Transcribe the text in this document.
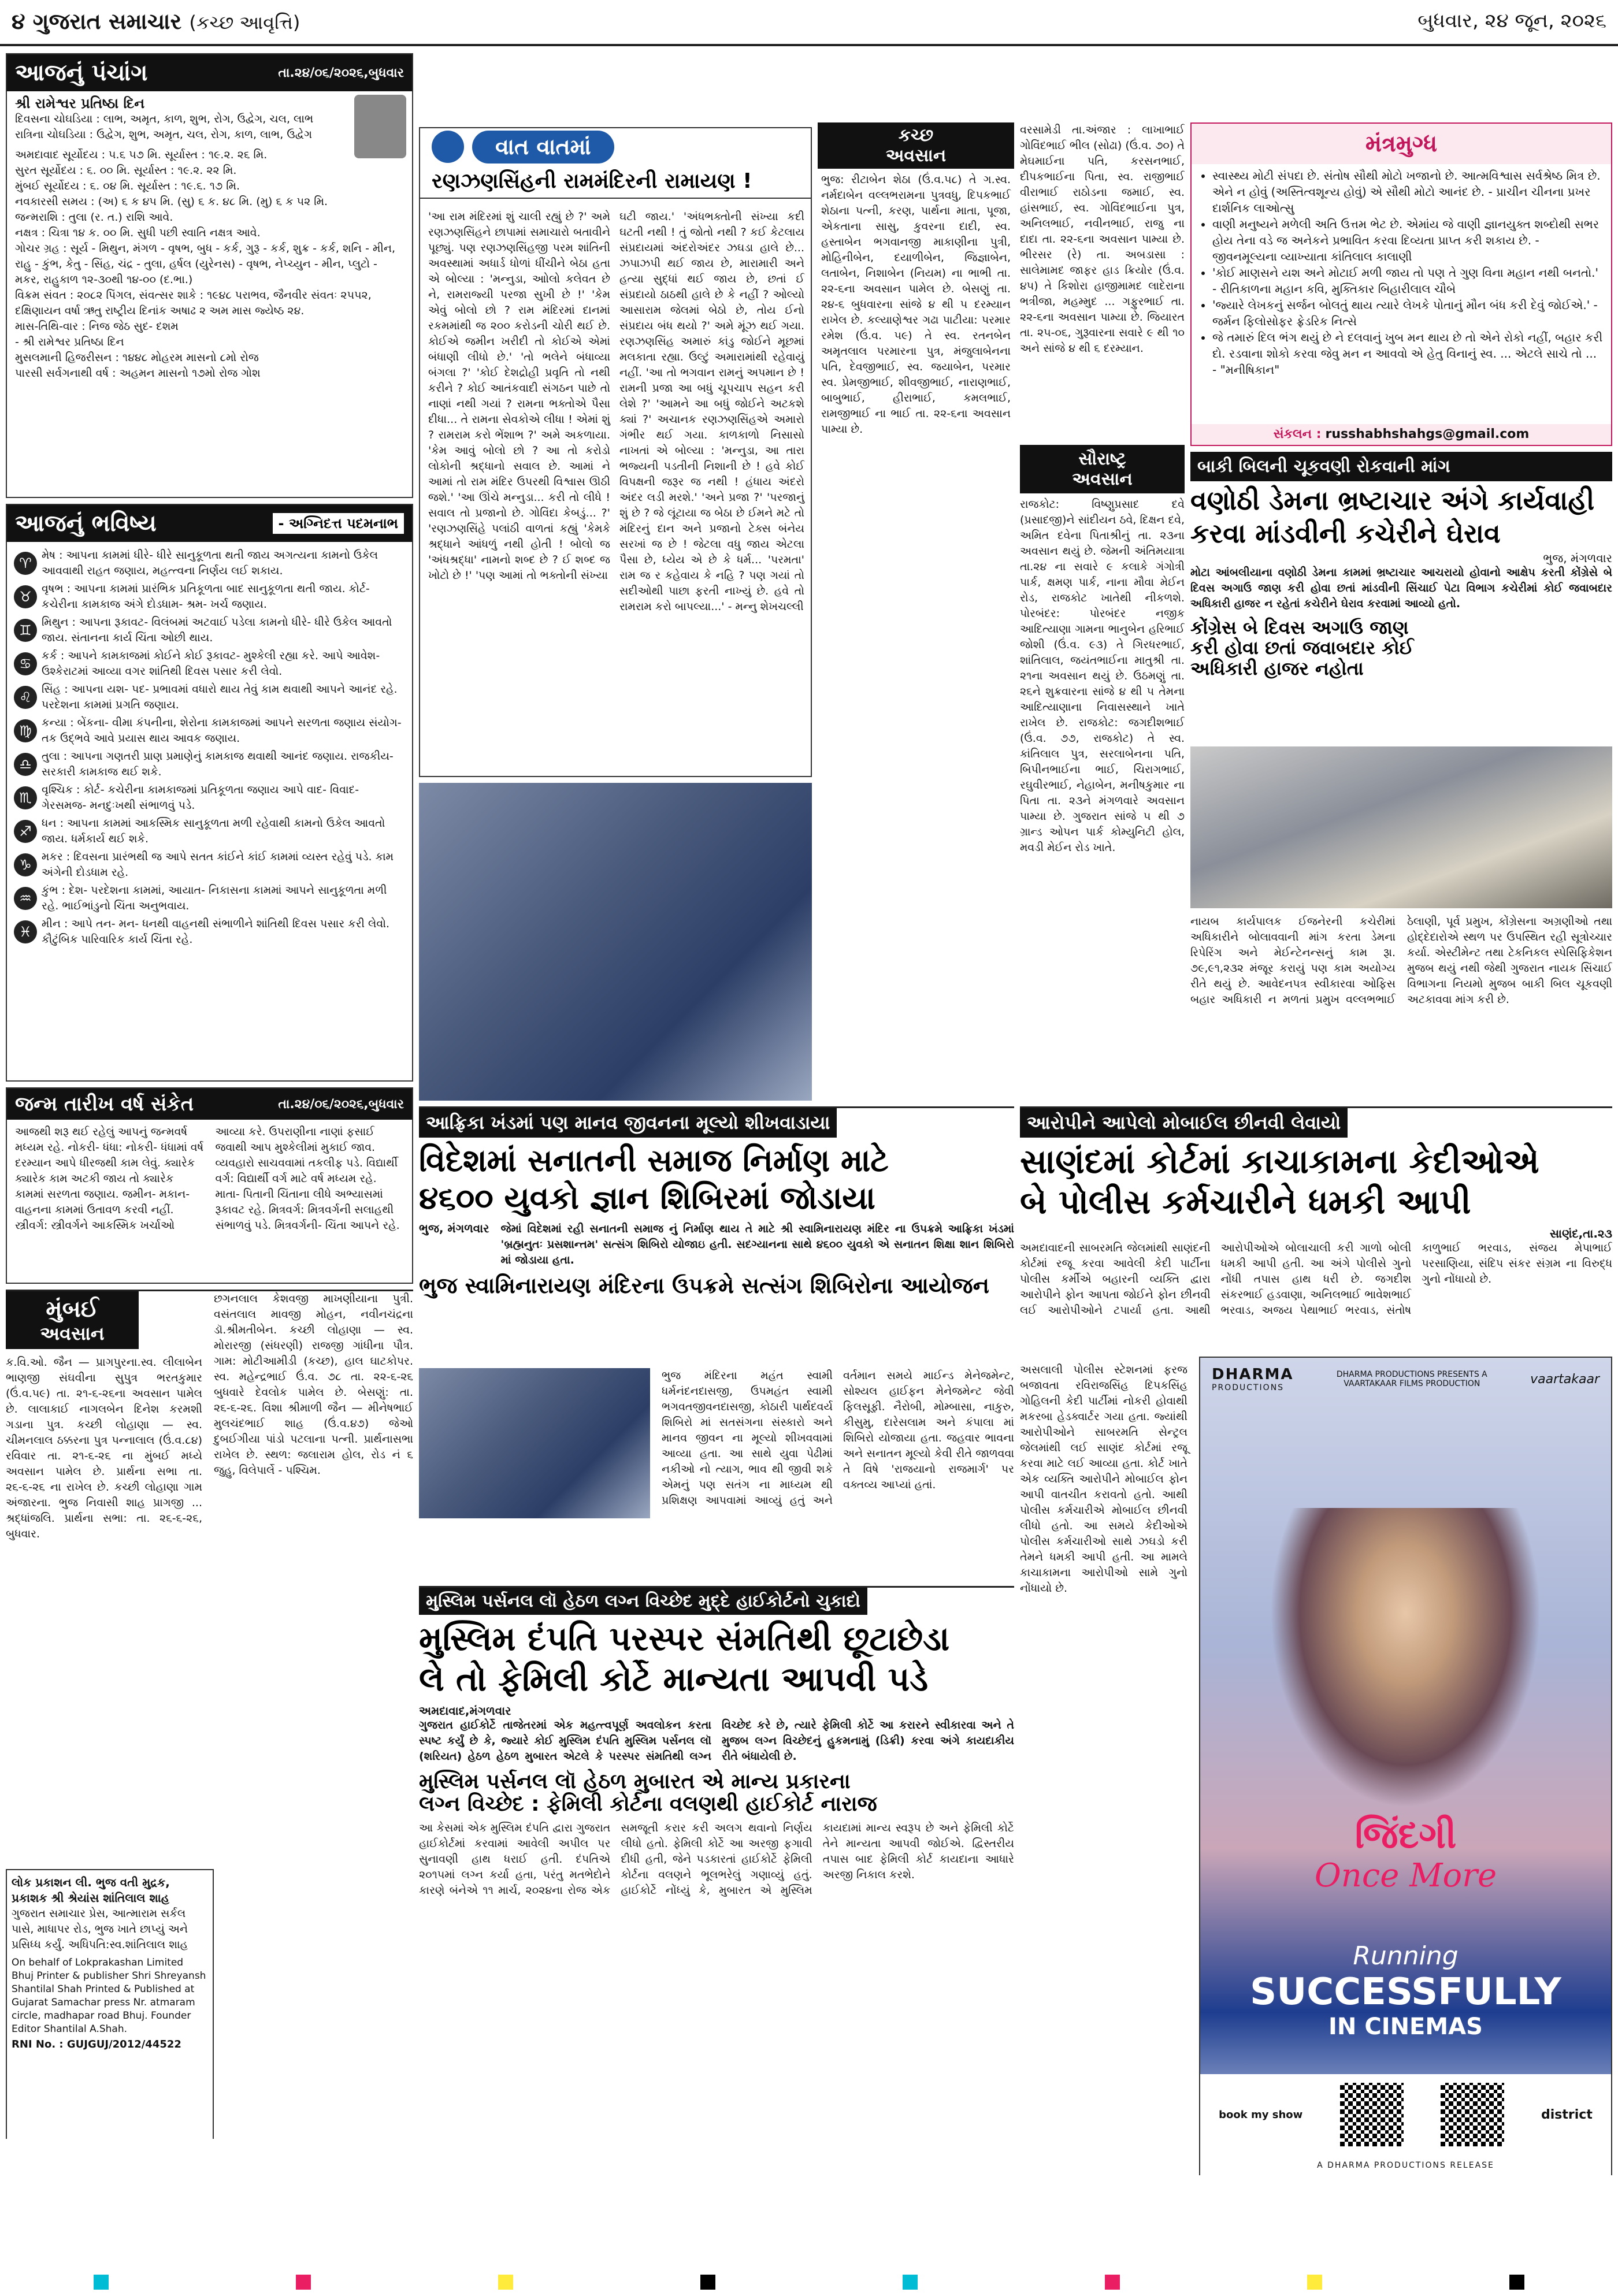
૪ ગુજરાત સમાચાર (કચ્છ આવૃત્તિ)	બુધવાર, ૨૪ જૂન, ૨૦૨૬
આજનું પંચાંગ	તા.૨૪/૦૬/૨૦૨૬,બુધવાર
શ્રી રામેશ્વર પ્રતિષ્ઠા દિન
દિવસના ચોઘડિયા : લાભ, અમૃત, કાળ, શુભ, રોગ, ઉદ્વેગ, ચલ, લાભ
રાત્રિના ચોઘડિયા : ઉદ્વેગ, શુભ, અમૃત, ચલ, રોગ, કાળ, લાભ, ઉદ્વેગ
અમદાવાદ સૂર્યોદય : ૫.૬ ૫૭ મિ. સૂર્યાસ્ત : ૧૯.૨. ૨૬ મિ.
સુરત સૂર્યોદય : ૬. ૦૦ મિ. સૂર્યાસ્ત : ૧૯.૨. ૨૨ મિ.
મુંબઈ સૂર્યોદય : ૬. ૦૪ મિ. સૂર્યાસ્ત : ૧૯.૬. ૧૭ મિ.
નવકારસી સમય : (અ) ૬ ક ૪૫ મિ. (સુ) ૬ ક. ૪૮ મિ. (મુ) ૬ ક ૫૨ મિ.
જન્મરાશિ : તુલા (ર. ત.) રાશિ આવે.
નક્ષત્ર : ચિત્રા ૧૪ ક. ૦૦ મિ. સુધી પછી સ્વાતિ નક્ષત્ર આવે.
ગોચર ગ્રહ : સૂર્ય - મિથુન, મંગળ - વૃષભ, બુધ - કર્ક, ગુરૂ - કર્ક, શુક્ર - કર્ક, શનિ - મીન, રાહુ - કુંભ, કેતુ - સિંહ, ચંદ્ર - તુલા, હર્ષલ (યુરેનસ) - વૃષભ, નેપ્ચ્યુન - મીન, પ્લુટો - મકર, રાહુકાળ ૧૨-૩૦થી ૧૪-૦૦ (દ.ભા.)
વિક્રમ સંવત : ૨૦૮૨ પિંગલ, સંવત્સર શાકે : ૧૯૪૮ પરાભવ, જૈનવીર સંવતઃ ૨૫૫૨, દક્ષિણાયન વર્ષા ઋતુ રાષ્ટ્રીય દિનાંક અષાઢ ૨ અમ માસ જ્યેષ્ઠ ૨૪.
માસ-તિથિ-વાર : નિજ જેઠ સુદ- દશમ
- શ્રી રામેશ્વર પ્રતિષ્ઠા દિન
મુસલમાની હિજરીસન : ૧૪૪૮ મોહરમ માસનો ૮મો રોજ
પારસી સર્વગનાથી વર્ષ : અહમન માસનો ૧૭મો રોજ ગોશ
આજનું ભવિષ્ય	- અગ્નિદત્ત પદમનાભ
♈ મેષ : આપના કામમાં ધીરે- ધીરે સાનુકૂળતા થતી જાય અગત્યના કામનો ઉકેલ આવવાથી રાહત જણાય, મહત્ત્વના નિર્ણય લઈ શકાય.
♉ વૃષભ : આપના કામમાં પ્રારંભિક પ્રતિકૂળતા બાદ સાનુકૂળતા થતી જાય. કોર્ટ- કચેરીના કામકાજ અંગે દોડધામ- શ્રમ- ખર્ચ જણાય.
♊ મિથુન : આપના રૂકાવટ- વિલંબમાં અટવાઈ પડેલા કામનો ધીરે- ધીરે ઉકેલ આવતો જાય. સંતાનના કાર્ય ચિંતા ઓછી થાય.
♋ કર્ક : આપને કામકાજમાં કોઈને કોઈ રૂકાવટ- મુશ્કેલી રહ્યા કરે. આપે આવેશ- ઉશ્કેરાટમાં આવ્યા વગર શાંતિથી દિવસ પસાર કરી લેવો.
♌ સિંહ : આપના યશ- પદ- પ્રભાવમાં વધારો થાય તેવું કામ થવાથી આપને આનંદ રહે. પરદેશના કામમાં પ્રગતિ જણાય.
♍ કન્યા : બેંકના- વીમા કંપનીના, શેરોના કામકાજમાં આપને સરળતા જણાય સંયોગ- તક ઉદ્ભવે આવે પ્રયાસ થાય આવક જણાય.
♎ તુલા : આપના ગણતરી પ્રાણ પ્રમાણેનું કામકાજ થવાથી આનંદ જણાય. રાજકીય- સરકારી કામકાજ થઈ શકે.
♏ વૃશ્ચિક : કોર્ટ- કચેરીના કામકાજમાં પ્રતિકૂળતા જણાય આપે વાદ- વિવાદ- ગેરસમજ- મનદુઃખથી સંભાળવું પડે.
♐ ધન : આપના કામમાં આકસ્મિક સાનુકૂળતા મળી રહેવાથી કામનો ઉકેલ આવતો જાય. ધર્મકાર્ય થઈ શકે.
♑ મકર : દિવસના પ્રારંભથી જ આપે સતત કાંઈને કાંઈ કામમાં વ્યસ્ત રહેવું પડે. કામ અંગેની દોડધામ રહે.
♒ કુંભ : દેશ- પરદેશના કામમાં, આયાત- નિકાસના કામમાં આપને સાનુકૂળતા મળી રહે. ભાઈભાંડુનો ચિંતા અનુભવાય.
♓ મીન : આપે તન- મન- ધનથી વાહનથી સંભાળીને શાંતિથી દિવસ પસાર કરી લેવો. કૌટુંબિક પારિવારિક કાર્ય ચિંતા રહે.
જન્મ તારીખ વર્ષ સંકેત	તા.૨૪/૦૬/૨૦૨૬,બુધવાર
આજથી શરૂ થઈ રહેલું આપનું જન્મવર્ષ મધ્યમ રહે. નોકરી- ધંધા: નોકરી- ધંધામાં વર્ષ દરમ્યાન આપે ધીરજથી કામ લેવું. ક્યારેક ક્યારેક કામ અટકી જાય તો ક્યારેક કામમાં સરળતા જણાય. જમીન- મકાન- વાહનના કામમાં ઉતાવળ કરવી નહીં. સ્ત્રીવર્ગ: સ્ત્રીવર્ગને આકસ્મિક ખર્ચાઓ આવ્યા કરે. ઉપરાણીના નાણાં ફસાઈ જવાથી આપ મુશ્કેલીમાં મુકાઈ જાવ. વ્યવહારો સાચવવામાં તકલીફ પડે. વિદ્યાર્થી વર્ગ: વિદ્યાર્થી વર્ગ માટે વર્ષ મધ્યમ રહે. માતા- પિતાની ચિંતાના લીધે અભ્યાસમાં રૂકાવટ રહે. મિત્રવર્ગ: મિત્રવર્ગની સલાહથી સંભાળવું પડે. મિત્રવર્ગની- ચિંતા આપને રહે.
મુંબઈ
અવસાન
ક.વિ.ઓ. જૈન — પ્રાગપુરના.સ્વ. લીલાબેન ભાણજી સંઘવીના સુપુત્ર ભરતકુમાર (ઉં.વ.૫૯) તા. ૨૧-૬-૨૬ના અવસાન પામેલ છે. લાલાકાઈ નાગલબેન દિનેશ કરમશી ગડાના પુત્ર. કચ્છી લોહાણા — સ્વ. ચીમનલાલ ઠક્કરના પુત્ર પન્નાલાલ (ઉં.વ.૮૪) રવિવાર તા. ૨૧-૬-૨૬ ના મુંબઈ મધ્યે અવસાન પામેલ છે. પ્રાર્થના સભા તા. ૨૬-૬-૨૬ ના રાખેલ છે. કચ્છી લોહાણા ગામ અંજારના. ભુજ નિવાસી શાહ પ્રાગજી ... શ્રદ્ધાંજલિ. પ્રાર્થના સભા: તા. ૨૬-૬-૨૬, બુધવાર.
છગનલાલ કેશવજી માખણીયાના પુત્રી. વસંતલાલ માવજી મોહન, નવીનચંદ્રના ડૉ.શ્રીમતીબેન. કચ્છી લોહાણા — સ્વ. મોરારજી (સંધરણી) રાજજી ગાંધીના પૌત્ર. ગામ: મોટીઆમીડી (કચ્છ), હાલ ઘાટકોપર. સ્વ. મહેન્દ્રભાઈ ઉં.વ. ૭૮ તા. ૨૨-૬-૨૬ બુધવારે દેવલોક પામેલ છે. બેસણું: તા. ૨૬-૬-૨૬. વિશા શ્રીમાળી જૈન — મીનેષભાઈ મુલચંદભાઈ શાહ (ઉં.વ.૪૭) જેઓ દુબઈગીયા પાંડો પટલાના પત્ની. પ્રાર્થનાસભા રાખેલ છે. સ્થળ: જલારામ હોલ, રોડ નં ૬ જુહુ, વિલેપાર્લે - પશ્ચિમ.
લોક પ્રકાશન લી. ભુજ વતી મુદ્રક, પ્રકાશક શ્રી શ્રેયાંસ શાંતિલાલ શાહ
ગુજરાત સમાચાર પ્રેસ, આત્મારામ સર્કલ પાસે, માધાપર રોડ, ભુજ ખાતે છાપ્યું અને પ્રસિધ્ધ કર્યું. અધિપતિ:સ્વ.શાંતિલાલ શાહ
On behalf of Lokprakashan Limited Bhuj Printer & publisher Shri Shreyansh Shantilal Shah Printed & Published at Gujarat Samachar press Nr. atmaram circle, madhapar road Bhuj. Founder Editor Shantilal A.Shah.
RNI No. : GUJGUJ/2012/44522
વાત વાતમાં
રણઝણસિંહની રામમંદિરની રામાયણ !
'આ રામ મંદિરમાં શું ચાલી રહ્યું છે ?' અમે રણઝણસિંહને છાપામાં સમાચારો બતાવીને પૂછ્યું. પણ રણઝણસિંહજી પરમ શાંતિની અવસ્થામાં અધાર્ડ ધોળાં ધીંચીને બેઠા હતા એ બોલ્યા : 'મન્નુડા, આોલો કલેવત છે ને, રામરાજ્યી પરજા સુખી છે !' 'કેમ એવું બોલો છો ? રામ મંદિરમાં દાનમાં રકમમાંથી જ ૨૦૦ કરોડની ચોરી થઈ છે. કોઈએ જમીન ખરીદી તો કોઈએ એમાં બંધાણી લીધો છે.' 'તો ભલેને બંધાવ્યા બંગલા ?' 'કોઈ દેશદ્રોહી પ્રવૃતિ તો નથી કરીને ? કોઈ આતંકવાદી સંગઠન પાછે તો નાણાં નથી ગયાં ? રામના ભક્તોએ પૈસા દીધા... તે રામના સેવકોએ લીધા ! એમાં શું ? રામરામ કરો ભેંશાભ ?' અમે અકળાયા. 'કેમ આવું બોલો છો ? આ તો કરોડો લોકોની શ્રદ્ધાનો સવાલ છે. આમાં ને આમાં તો રામ મંદિર ઉપરથી વિશ્વાસ ઊઠી જશે.' 'આ ઊંચે મન્નુડા... કરી તો લીધે ! સવાલ તો પ્રજાનો છે. ગોવિંદા કેબડું... ?' 'રણઝણસિંહે પલાંઠી વાળતાં કહ્યું 'કેમકે શ્રદ્ધાને આંધળું નથી હોતી ! બોલો જ 'અંધશ્રદ્ધા' નામનો શબ્દ છે ? ઈ શબ્દ જ ખોટો છે !' 'પણ આમાં તો ભક્તોની સંખ્યા
ઘટી જાય.' 'અંધભક્તોની સંખ્યા કદી ઘટતી નથી ! તું જોતો નથી ? કઈ કેટલાય સંપ્રદાયમાં અંદરોઅંદર ઝઘડા હાલે છે... ઝપાઝપી થઈ જાય છે, મારામારી અને હત્યા સુદ્ધાં થઈ જાય છે, છતાં ઈ સંપ્રદાયો ઠાઠથી હાલે છે કે નહીં ? ઓલ્યો આસારામ જેલમાં બેઠો છે, તોય ઈનો સંપ્રદાય બંધ થયો ?' અમે મૂંઝ થઈ ગયા. રણઝણસિંહ અમારું કાંડુ જોઈને મૂછમાં મલકાતા રહ્યા. ઉલ્ટું અમારામાંથી રહેવાયું નહીં. 'આ તો ભગવાન રામનું અપમાન છે ! રામની પ્રજા આ બધું ચૂપચાપ સહન કરી લેશે ?' 'આમને આ બધું જોઈને અટકશે ક્યાં ?' અચાનક રણઝણસિંહએ અમારો ગંભીર થઈ ગયા. કાળકાળો નિસાસો નાખતાં એ બોલ્યા : 'મન્નુડા, આ તારા ભજ્યની પડતીની નિશાની છે ! હવે કોઈ વિપક્ષની જરૂર જ નથી ! હંધાય અંદરો અંદર લડી મરશે.' 'અને પ્રજા ?' 'પરજાનું શું છે ? જે લૂંટાયા જ બેઠા છે ઈમને મટે તો મંદિરનું દાન અને પ્રજાનો ટેક્સ બંનેય સરખાં જ છે ! જેટલા વધુ જાય એટલા પૈસા છે, ધ્યેય એ છે કે ધર્મ... 'પરમતા' રામ જ ર કહેવાય કે નહિ ? પણ ગયાં તો સદીઓથી પાછા ફરતી નાખ્યું છે. હવે તો રામરામ કરો બાપલ્યા...' - મન્નુ શેખચલ્લી
કચ્છ
અવસાન
ભુજ: રીટાબેન શેઠા (ઉં.વ.૫૮) તે ગ.સ્વ. નર્મદાબેન વલ્લભરામના પુત્રવધુ, દિપકભાઈ શેઠાના પત્ની, કરણ, પાર્થના માતા, પૂજા, એકતાના સાસુ, કુવરના દાદી, સ્વ. હસ્તાબેન ભગવાનજી માકાણીના પુત્રી, મોહિનીબેન, દયાળીબેન, જિજ્ઞાબેન, લતાબેન, નિશાબેન (નિયમ) ના ભાભી તા. ૨૨-૬ના અવસાન પામેલ છે. બેસણું તા. ૨૪-૬ બુધવારના સાંજે ૪ થી ૫ દરમ્યાન રાખેલ છે. કલ્યાણેશ્વર ગઢા પાટીયા: પરમાર રમેશ (ઉં.વ. ૫૯) તે સ્વ. રતનબેન અમૃતલાલ પરમારના પુત્ર, મંજુલાબેનના પતિ, દેવજીભાઈ, સ્વ. જયાબેન, પરમાર સ્વ. પ્રેમજીભાઈ, શીવજીભાઈ, નારાણભાઈ, બાબુભાઈ, હીરાભાઈ, કમલભાઈ, રામજીભાઈ ના ભાઈ તા. ૨૨-૬ના અવસાન પામ્યા છે.
વરસામેડી તા.અંજાર : લાખાભાઈ ગોવિંદભાઈ ભીલ (સોઢા) (ઉં.વ. ૭૦) તે મેઘમાઈના પતિ, કરસનભાઈ, દીપકભાઈના પિતા, સ્વ. રાજીભાઈ વીરાભાઈ રાઠોડના જમાઈ, સ્વ. હાંસભાઈ, સ્વ. ગોવિંદભાઈના પુત્ર, અનિલભાઈ, નવીનભાઈ, રાજુ ના દાદા તા. ૨૨-૬ના અવસાન પામ્યા છે. ભીરસર (રે) તા. અબડાસા : સાલેમામદ જાફર હાડ ક્રિયોર (ઉં.વ. ૪૫) તે કિશોરા હાજીમામદ લાદેરાના ભત્રીજા, મહમ્મુદ ... ગફુરભાઈ તા. ૨૨-૬ના અવસાન પામ્યા છે. જિયારત તા. ૨૫-૦૬, ગુરૂવારના સવારે ૯ થી ૧૦ અને સાંજે ૪ થી ૬ દરમ્યાન.
સૌરાષ્ટ્ર
અવસાન
રાજકોટ: વિષ્ણુપ્રસાદ દવે (પ્રસાદજી)ને સાંદીયન ઠવે, દિક્ષન દવે, અમિત દવેના પિતાશ્રીનું તા. ૨૩ના અવસાન થયું છે. જેમની અંતિમયાત્રા તા.૨૪ ના સવારે ૯ કલાકે ગંગોત્રી પાર્ક, ક્ષમણ પાર્ક, નાના મૌવા મેઈન રોડ, રાજકોટ ખાતેથી નીકળશે. પોરબંદર: પોરબંદર નજીક આદિત્યાણા ગામના ભાનુબેન હરિભાઈ જોશી (ઉં.વ. ૯૩) તે ગિરધરભાઈ, શાંતિલાલ, જયંતભાઈના માતુશ્રી તા. ૨૧ના અવસાન થયું છે. ઉઠમણું તા. ૨૬ને શુક્રવારના સાંજે ૪ થી ૫ તેમના આદિત્યાણાના નિવાસસ્થાને ખાતે રાખેલ છે. રાજકોટ: જગદીશભાઈ (ઉં.વ. ૭૭, રાજકોટ) તે સ્વ. કાંતિલાલ પુત્ર, સરલાબેનના પતિ, બિપીનભાઈના ભાઈ, ચિરાગભાઈ, રઘુવીરભાઈ, નેહાબેન, મનીષકુમાર ના પિતા તા. ૨૩ને મંગળવારે અવસાન પામ્યા છે. ગુજરાત સાંજે ૫ થી ૭ ગ્રાન્ડ ઓપન પાર્ક કોમ્યુનિટી હોલ, મવડી મેઈન રોડ ખાતે.
મંત્રમુગ્ધ
• સ્વાસ્થ્ય મોટી સંપદા છે. સંતોષ સૌથી મોટો ખજાનો છે. આત્મવિશ્વાસ સર્વશ્રેષ્ઠ મિત્ર છે. એને ન હોવું (અસ્તિત્વશૂન્ય હોવું) એ સૌથી મોટો આનંદ છે. - પ્રાચીન ચીનના પ્રખર દાર્શનિક લાઓત્સુ
• વાણી મનુષ્યને મળેલી અતિ ઉત્તમ ભેટ છે. એમાંય જે વાણી જ્ઞાનયુક્ત શબ્દોથી સભર હોય તેના વડે જ અનેકને પ્રભાવિત કરવા દિવ્યતા પ્રાપ્ત કરી શકાય છે. - જીવનમૂલ્યના વ્યાખ્યાતા કાંતિલાલ કાલાણી
• 'કોઈ માણસને યશ અને મોટાઈ મળી જાય તો પણ તે ગુણ વિના મહાન નથી બનતો.' - રીતિકાળના મહાન કવિ, મુક્તિકાર બિહારીલાલ ચૌબે
• 'જ્યારે લેખકનું સર્જન બોલતું થાય ત્યારે લેખકે પોતાનું મૌન બંધ કરી દેવું જોઈએ.' - જર્મન ફિલોસોફર ફ્રેડરિક નિત્સે
• જે તમારું દિલ ભંગ થયું છે ને દલવાનું ખુબ મન થાય છે તો એને રોકો નહીં, બહાર કરી દો. રડવાના શોકો કરવા જેવુ મન ન આવવો એ હેતુ વિનાનું સ્વ. ... એટલે સાચે તો ... - "મનીષિકાન"
સંકલન : russhabhshahgs@gmail.com
બાકી બિલની ચૂકવણી રોકવાની માંગ
વણોઠી ડેમના ભ્રષ્ટાચાર અંગે કાર્યવાહી
કરવા માંડવીની કચેરીને ઘેરાવ
ભુજ, મંગળવાર
મોટા આંબલીયાના વણોઠી ડેમના કામમાં ભ્રષ્ટાચાર આચરાયો હોવાનો આક્ષેપ કરતી કોંગ્રેસે બે દિવસ અગાઉ જાણ કરી હોવા છતાં માંડવીની સિંચાઈ પેટા વિભાગ કચેરીમાં કોઈ જવાબદાર અધિકારી હાજર ન રહેતાં કચેરીને ઘેરાવ કરવામાં આવ્યો હતો.
કોંગ્રેસ બે દિવસ અગાઉ જાણ કરી હોવા છતાં જવાબદાર કોઈ અધિકારી હાજર નહોતા
નાયબ કાર્યપાલક ઈજનેરની કચેરીમાં અધિકારીને બોલાવવાની માંગ કરતા ડેમના રિપેરિંગ અને મેઈન્ટેનન્સનું કામ રૂા. ૭૯,૯૧,૨૩૨ મંજૂર કરાયું પણ કામ અયોગ્ય રીતે થયું છે. આવેદનપત્ર સ્વીકારવા ઓફિસ બહાર અધિકારી ન મળતાં પ્રમુખ વલ્લભભાઈ ઠેલાણી, પૂર્વ પ્રમુખ, કોંગ્રેસના અગ્રણીઓ તથા હોદ્દેદારોએ સ્થળ પર ઉપસ્થિત રહી સૂત્રોચ્ચાર કર્યા. એસ્ટીમેન્ટ તથા ટેકનિકલ સ્પેસિફિકેશન મુજબ થયું નથી જેથી ગુજરાત નાયક સિંચાઈ વિભાગના નિયમો મુજબ બાકી બિલ ચૂકવણી અટકાવવા માંગ કરી છે.
આફ્રિકા ખંડમાં પણ માનવ જીવનના મૂલ્યો શીખવાડાયા
વિદેશમાં સનાતની સમાજ નિર્માણ માટે
૪૬૦૦ યુવકો જ્ઞાન શિબિરમાં જોડાયા
ભુજ, મંગળવાર જેમાં વિદેશમાં રહી સનાતની સમાજ નું નિર્માણ થાય તે માટે શ્રી સ્વામિનારાયણ મંદિર ના ઉપક્રમે આફ્રિકા ખંડમાં 'બ્રહ્મનુતઃ પ્રસશાન્તમ' સત્સંગ શિબિરો યોજાઇ હતી. સદગ્યાનના સાથે ૪૬૦૦ યુવકો એ સનાતન શિક્ષા શાન શિબિરો માં જોડાયા હતા.
ભુજ સ્વામિનારાયણ મંદિરના ઉપક્રમે સત્સંગ શિબિરોના આયોજન
ભુજ મંદિરના મહંત સ્વામી ધર્મનંદનદાસજી, ઉપમહંત સ્વામી ભગવતજીવનદાસજી, કોઠારી પાર્થદવર્ય શિબિરો માં સતસંગના સંસ્કારો અને માનવ જીવન ના મૂલ્યો શીખવવામાં આવ્યા હતા. આ સાથે યુવા પેઢીમાં નકીઓ નો ત્યાગ, ભાવ થી જીવી શકે એમનું પણ સતંગ ના માધ્યમ થી પ્રશિક્ષણ આપવામાં આવ્યું હતું અને વર્તમાન સમયે માઈન્ડ મેનેજમેન્ટ, સોશ્યલ હાઈફન મેનેજમેન્ટ જેવી ફિલસૂફી. નૈરોબી, મોમ્બાસા, નાકુરુ, કીસુમુ, દારેસલામ અને કંપાલા માં શિબિરો યોજાયા હતા. જહવાર ભાવના અને સનાતન મૂલ્યો કેવી રીતે જાળવવા તે વિષે 'રાજયાનો રાજમાર્ગ' પર વક્તવ્ય આપ્યાં હતાં.
મુસ્લિમ પર્સનલ લૉ હેઠળ લગ્ન વિચ્છેદ મુદ્દે હાઈકોર્ટનો ચુકાદો
મુસ્લિમ દંપતિ પરસ્પર સંમતિથી છૂટાછેડા
લે તો ફેમિલી કોર્ટે માન્યતા આપવી પડે
અમદાવાદ,મંગળવાર
ગુજરાત હાઈકોર્ટે તાજેતરમાં એક મહત્ત્વપૂર્ણ અવલોકન કરતા સ્પષ્ટ કર્યું છે કે, જ્યારે કોઈ મુસ્લિમ દંપતિ મુસ્લિમ પર્સનલ લૉ (શરિયત) હેઠળ હેઠળ મુબારત એટલે કે પરસ્પર સંમતિથી લગ્ન વિચ્છેદ કરે છે, ત્યારે ફેમિલી કોર્ટે આ કરારને સ્વીકારવા અને તે મુજબ લગ્ન વિચ્છેદનું હુકમનામું (ડિક્રી) કરવા અંગે કાયદાકીય રીતે બંધાયેલી છે.
મુસ્લિમ પર્સનલ લૉ હેઠળ મુબારત એ માન્ય પ્રકારના
લગ્ન વિચ્છેદ : ફેમિલી કોર્ટના વલણથી હાઈકોર્ટ નારાજ
આ કેસમાં એક મુસ્લિમ દંપતિ દ્વારા ગુજરાત હાઈકોર્ટમાં કરવામાં આવેલી અપીલ પર સુનાવણી હાથ ધરાઈ હતી. દંપતિએ ૨૦૧૫માં લગ્ન કર્યા હતા, પરંતુ મતભેદોને કારણે બંનેએ ૧૧ માર્ચ, ૨૦૨૪ના રોજ એક સમજૂતી કરાર કરી અલગ થવાનો નિર્ણય લીધો હતો. ફેમિલી કોર્ટે આ અરજી ફગાવી દીધી હતી, જેને પડકારતાં હાઈકોર્ટે ફેમિલી કોર્ટના વલણને ભૂલભરેલું ગણાવ્યું હતું. હાઈકોર્ટે નોંધ્યું કે, મુબારત એ મુસ્લિમ કાયદામાં માન્ય સ્વરૂપ છે અને ફેમિલી કોર્ટે તેને માન્યતા આપવી જોઈએ. દ્વિસ્તરીય તપાસ બાદ ફેમિલી કોર્ટ કાયદાના આધારે અરજી નિકાલ કરશે.
આરોપીને આપેલો મોબાઈલ છીનવી લેવાયો
સાણંદમાં કોર્ટમાં કાચાકામના કેદીઓએ
બે પોલીસ કર્મચારીને ધમકી આપી
સાણંદ,તા.૨૩
અમદાવાદની સાબરમતિ જેલમાંથી સાણંદની કોર્ટમાં રજૂ કરવા આવેલી કેદી પાર્ટીના પોલીસ કર્મીએ બહારની વ્યક્તિ દ્વારા આરોપીને ફોન આપતા જોઈને ફોન છીનવી લઈ આરોપીઓને ટપાર્યા હતા. આથી આરોપીઓએ બોલાચાલી કરી ગાળો બોલી ધમકી આપી હતી. આ અંગે પોલીસે ગુનો નોંધી તપાસ હાથ ધરી છે. જગદીશ સંકરભાઈ હડવાણા, અનિલભાઈ ભાવેશભાઈ ભરવાડ, અજય પેથાભાઈ ભરવાડ, સંતોષ કાળુભાઈ ભરવાડ, સંજય મેપાભાઈ પરસાણિયા, સંદિપ સંકર સંગ્રમ ના વિરુદ્ધ ગુનો નોંધાયો છે.
અસલાલી પોલીસ સ્ટેશનમાં ફરજ બજાવતા રવિરાજસિંહ દિપકસિંહ ગોહિલની કેદી પાર્ટીમાં નોકરી હોવાથી મકરબા હેડક્વાર્ટર ગયા હતા. જ્યાંથી આરોપીઓને સાબરમતિ સેન્ટ્રલ જેલમાંથી લઈ સાણંદ કોર્ટમાં રજૂ કરવા માટે લઈ આવ્યા હતા. કોર્ટ ખાતે એક વ્યક્તિ આરોપીને મોબાઈલ ફોન આપી વાતચીત કરાવતો હતો. આથી પોલીસ કર્મચારીએ મોબાઈલ છીનવી લીધો હતો. આ સમયે કેદીઓએ પોલીસ કર્મચારીઓ સાથે ઝઘડો કરી તેમને ધમકી આપી હતી. આ મામલે કાચાકામના આરોપીઓ સામે ગુનો નોંધાયો છે.
DHARMA
PRODUCTIONS
DHARMA PRODUCTIONS PRESENTS A VAARTAKAAR FILMS PRODUCTION	vaartakaar
જિંદગી
Once More
Running
SUCCESSFULLY
IN CINEMAS
book my show	district
A DHARMA PRODUCTIONS RELEASE
